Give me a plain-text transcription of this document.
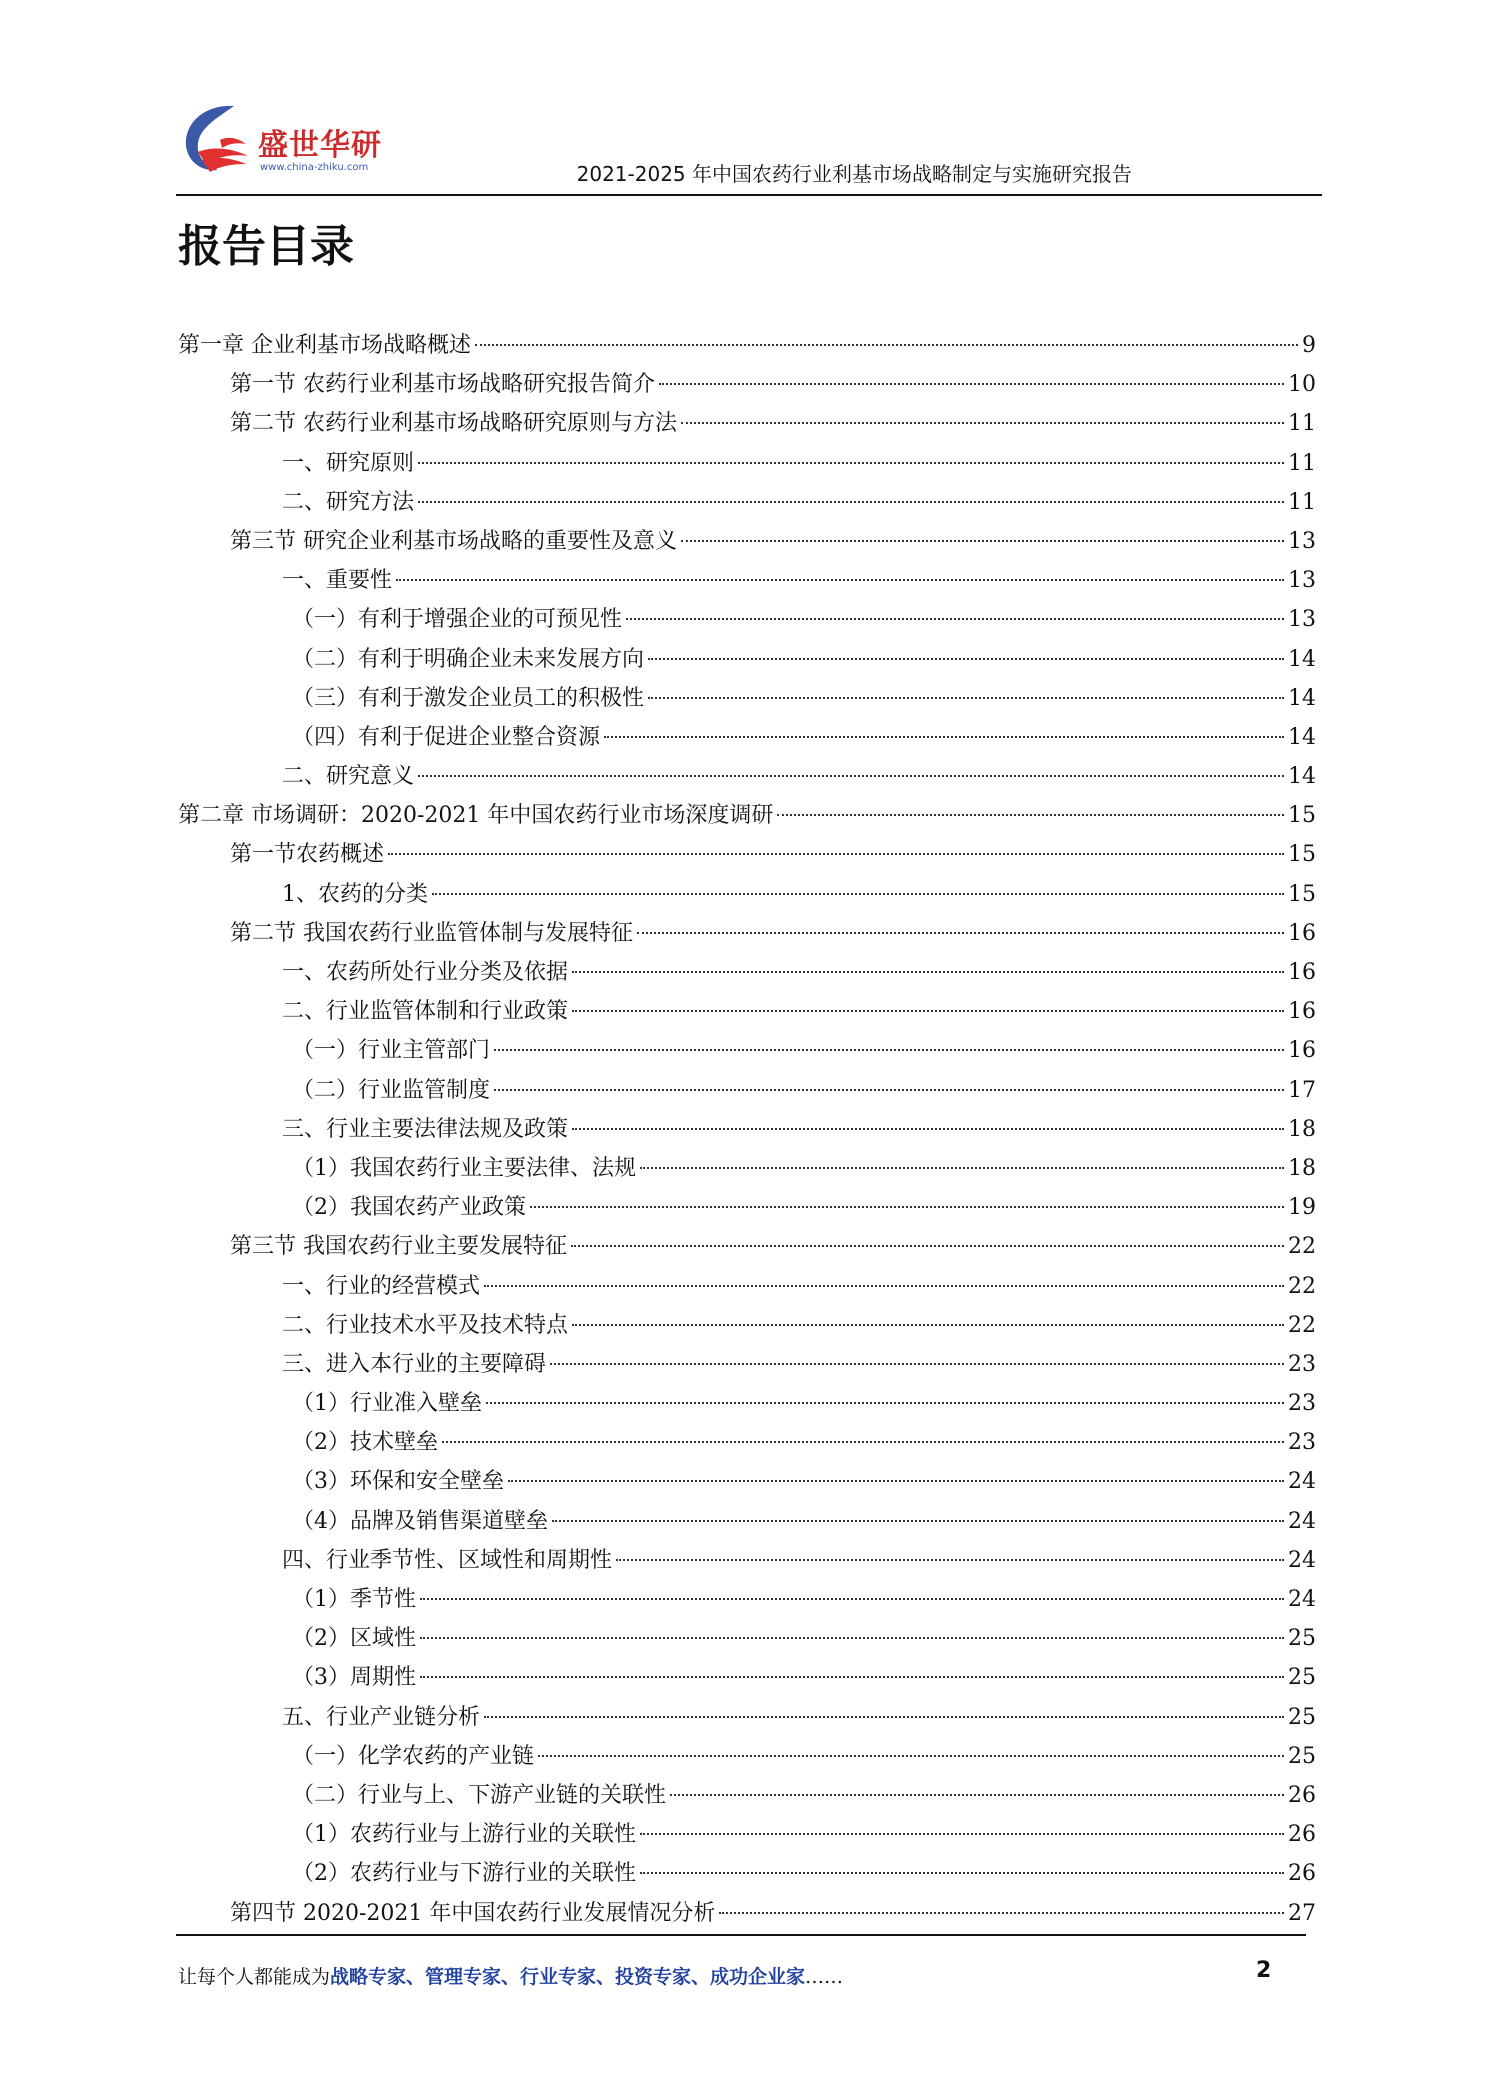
盛世华研
www.china-zhiku.com	2021-2025 年中国农药行业利基市场战略制定与实施研究报告
报告目录
第一章 企业利基市场战略概述	9
第一节 农药行业利基市场战略研究报告简介	10
第二节 农药行业利基市场战略研究原则与方法	11
一、研究原则	11
二、研究方法	11
第三节 研究企业利基市场战略的重要性及意义	13
一、重要性	13
（一）有利于增强企业的可预见性	13
（二）有利于明确企业未来发展方向	14
（三）有利于激发企业员工的积极性	14
（四）有利于促进企业整合资源	14
二、研究意义	14
第二章 市场调研：2020-2021 年中国农药行业市场深度调研	15
第一节农药概述	15
1、农药的分类	15
第二节 我国农药行业监管体制与发展特征	16
一、农药所处行业分类及依据	16
二、行业监管体制和行业政策	16
（一）行业主管部门	16
（二）行业监管制度	17
三、行业主要法律法规及政策	18
（1）我国农药行业主要法律、法规	18
（2）我国农药产业政策	19
第三节 我国农药行业主要发展特征	22
一、行业的经营模式	22
二、行业技术水平及技术特点	22
三、进入本行业的主要障碍	23
（1）行业准入壁垒	23
（2）技术壁垒	23
（3）环保和安全壁垒	24
（4）品牌及销售渠道壁垒	24
四、行业季节性、区域性和周期性	24
（1）季节性	24
（2）区域性	25
（3）周期性	25
五、行业产业链分析	25
（一）化学农药的产业链	25
（二）行业与上、下游产业链的关联性	26
（1）农药行业与上游行业的关联性	26
（2）农药行业与下游行业的关联性	26
第四节 2020-2021 年中国农药行业发展情况分析	27
让每个人都能成为战略专家、管理专家、行业专家、投资专家、成功企业家……	2
